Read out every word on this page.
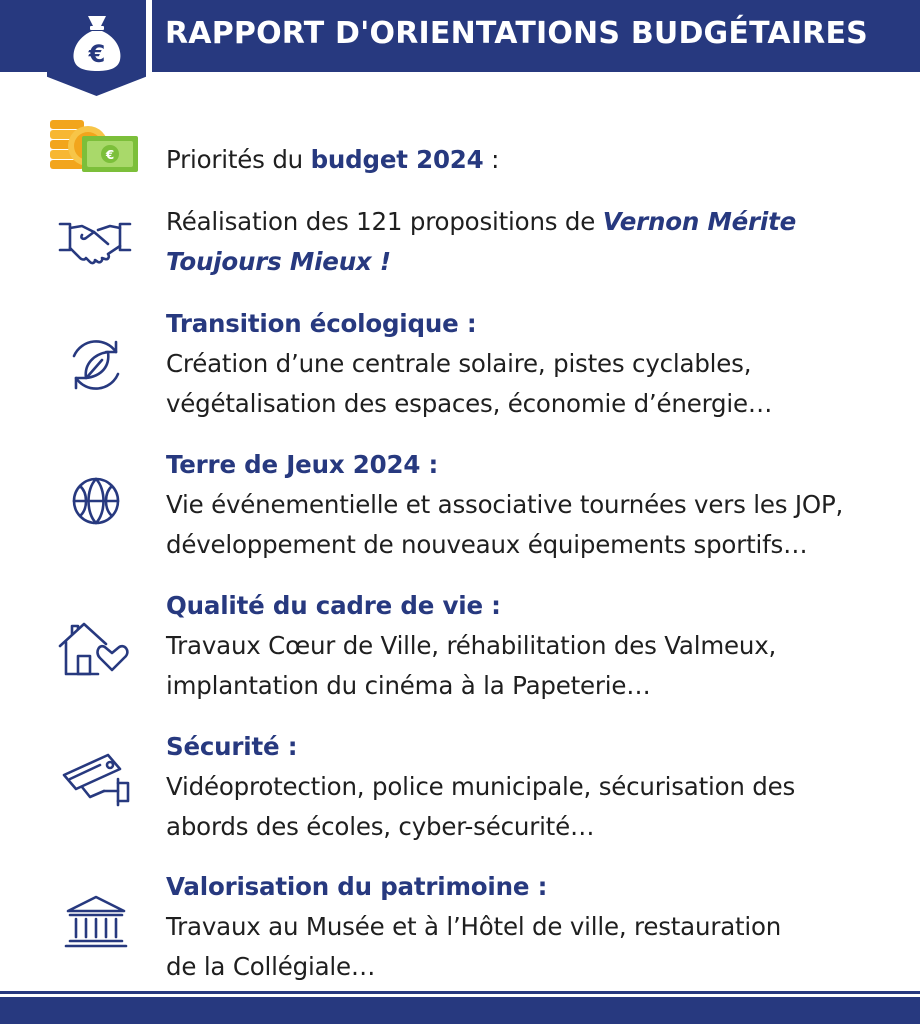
€
RAPPORT D'ORIENTATIONS BUDGÉTAIRES
€ Priorités du budget 2024 :
Réalisation des 121 propositions de Vernon Mérite Toujours Mieux !
Transition écologique :
Création d’une centrale solaire, pistes cyclables,
végétalisation des espaces, économie d’énergie…
Terre de Jeux 2024 :
Vie événementielle et associative tournées vers les JOP,
développement de nouveaux équipements sportifs…
Qualité du cadre de vie :
Travaux Cœur de Ville, réhabilitation des Valmeux,
implantation du cinéma à la Papeterie…
Sécurité :
Vidéoprotection, police municipale, sécurisation des
abords des écoles, cyber-sécurité…
Valorisation du patrimoine :
Travaux au Musée et à l’Hôtel de ville, restauration
de la Collégiale…
